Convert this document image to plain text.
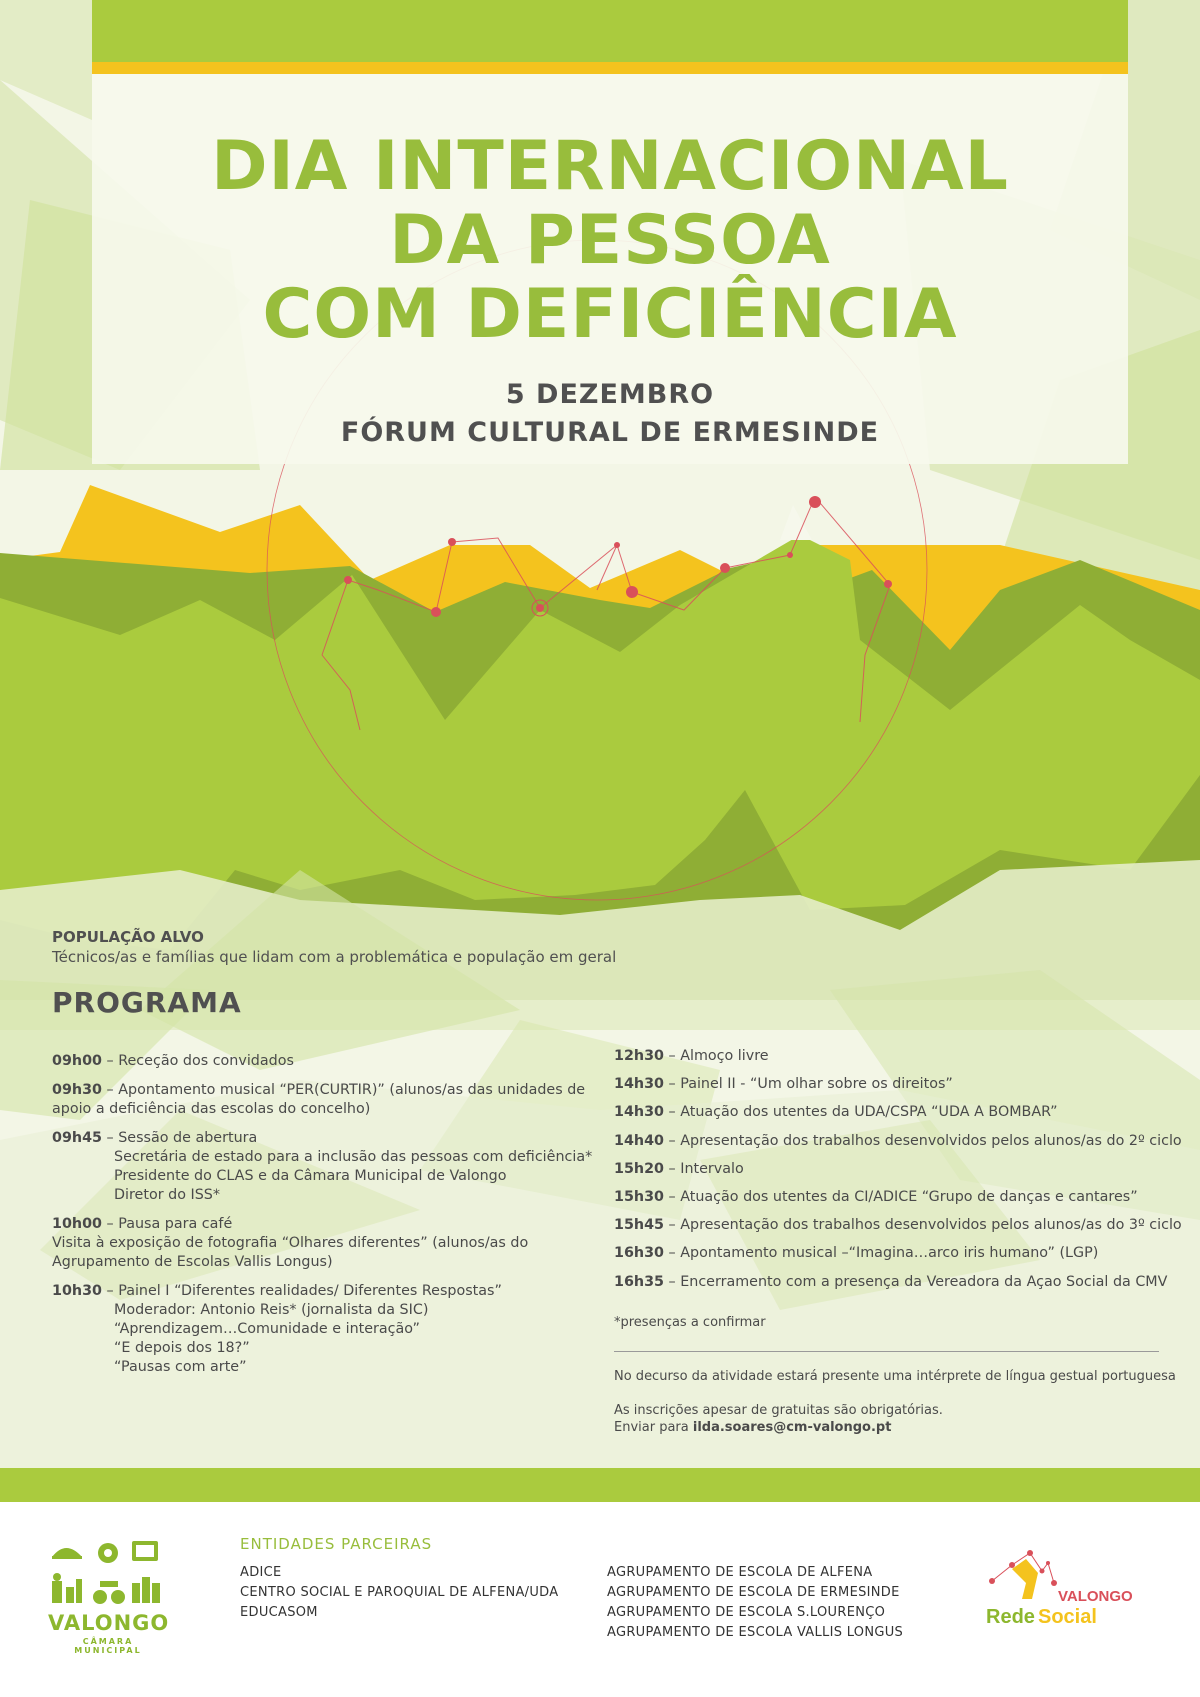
DIA INTERNACIONAL
DA PESSOA
COM DEFICIÊNCIA
5 DEZEMBRO
FÓRUM CULTURAL DE ERMESINDE
POPULAÇÃO ALVO
Técnicos/as e famílias que lidam com a problemática e população em geral
PROGRAMA
09h00 – Receção dos convidados
09h30 – Apontamento musical “PER(CURTIR)” (alunos/as das unidades de
apoio a deficiência das escolas do concelho)
09h45 – Sessão de abertura
Secretária de estado para a inclusão das pessoas com deficiência*
Presidente do CLAS e da Câmara Municipal de Valongo
Diretor do ISS*
10h00 – Pausa para café
Visita à exposição de fotografia “Olhares diferentes” (alunos/as do
Agrupamento de Escolas Vallis Longus)
10h30 – Painel I “Diferentes realidades/ Diferentes Respostas”
Moderador: Antonio Reis* (jornalista da SIC)
“Aprendizagem…Comunidade e interação”
“E depois dos 18?”
“Pausas com arte”
12h30 – Almoço livre
14h30 – Painel II - “Um olhar sobre os direitos”
14h30 – Atuação dos utentes da UDA/CSPA “UDA A BOMBAR”
14h40 – Apresentação dos trabalhos desenvolvidos pelos alunos/as do 2º ciclo
15h20 – Intervalo
15h30 – Atuação dos utentes da CI/ADICE “Grupo de danças e cantares”
15h45 – Apresentação dos trabalhos desenvolvidos pelos alunos/as do 3º ciclo
16h30 – Apontamento musical –“Imagina…arco iris humano” (LGP)
16h35 – Encerramento com a presença da Vereadora da Açao Social da CMV
*presenças a confirmar
No decurso da atividade estará presente uma intérprete de língua gestual portuguesa
As inscrições apesar de gratuitas são obrigatórias.
Enviar para ilda.soares@cm-valongo.pt
VALONGO
CÂMARA MUNICIPAL
ENTIDADES PARCEIRAS
ADICE
CENTRO SOCIAL E PAROQUIAL DE ALFENA/UDA
EDUCASOM
AGRUPAMENTO DE ESCOLA DE ALFENA
AGRUPAMENTO DE ESCOLA DE ERMESINDE
AGRUPAMENTO DE ESCOLA S.LOURENÇO
AGRUPAMENTO DE ESCOLA VALLIS LONGUS
VALONGO
Rede Social
